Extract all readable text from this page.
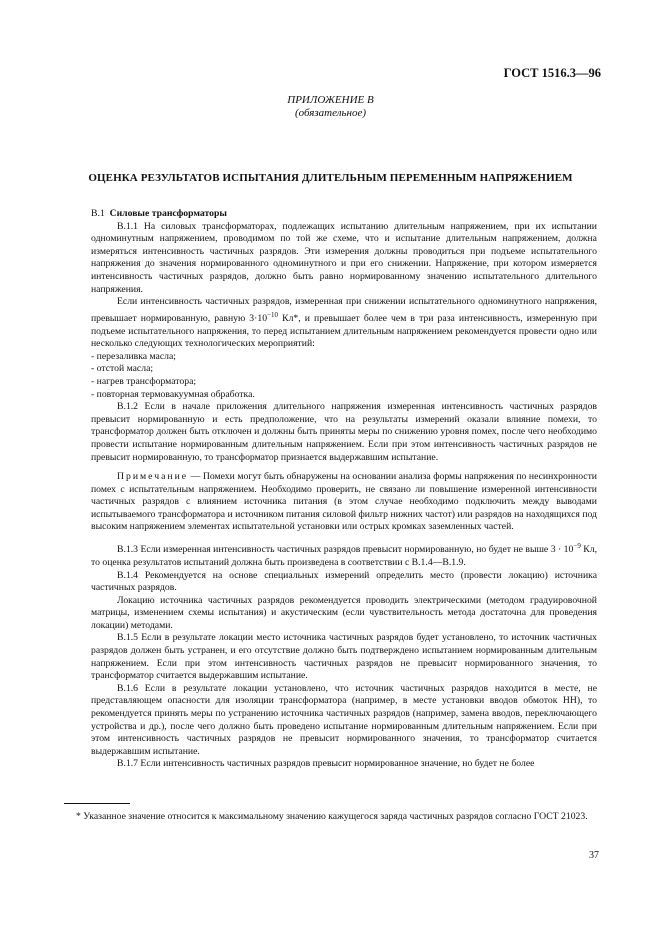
ГОСТ 1516.3—96
ПРИЛОЖЕНИЕ В
(обязательное)
ОЦЕНКА РЕЗУЛЬТАТОВ ИСПЫТАНИЯ ДЛИТЕЛЬНЫМ ПЕРЕМЕННЫМ НАПРЯЖЕНИЕМ

В.1 Силовые трансформаторы

В.1.1 На силовых трансформаторах, подлежащих испытанию длительным напряжением, при их испытании одноминутным напряжением, проводимом по той же схеме, что и испытание длительным напряжением, должна измеряться интенсивность частичных разрядов. Эти измерения должны проводиться при подъеме испытательного напряжения до значения нормированного одноминутного и при его снижении. Напряжение, при котором измеряется интенсивность частичных разрядов, должно быть равно нормированному значению испытательного длительного напряжения.

Если интенсивность частичных разрядов, измеренная при снижении испытательного одноминутного напряжения, превышает нормированную, равную $3\cdot 10^{-10}$ Кл*, и превышает более чем в три раза интенсивность, измеренную при подъеме испытательного напряжения, то перед испытанием длительным напряжением рекомендуется провести одно или несколько следующих технологических мероприятий:

- перезаливка масла;

- отстой масла;

- нагрев трансформатора;

- повторная термовакуумная обработка.

В.1.2 Если в начале приложения длительного напряжения измеренная интенсивность частичных разрядов превысит нормированную и есть предположение, что на результаты измерений оказали влияние помехи, то трансформатор должен быть отключен и должны быть приняты меры по снижению уровня помех, после чего необходимо провести испытание нормированным длительным напряжением. Если при этом интенсивность частичных разрядов не превысит нормированную, то трансформатор признается выдержавшим испытание.

Примечание — Помехи могут быть обнаружены на основании анализа формы напряжения по несинхронности помех с испытательным напряжением. Необходимо проверить, не связано ли повышение измеренной интенсивности частичных разрядов с влиянием источника питания (в этом случае необходимо подключить между выводами испытываемого трансформатора и источником питания силовой фильтр нижних частот) или разрядов на находящихся под высоким напряжением элементах испытательной установки или острых кромках заземленных частей.

В.1.3 Если измеренная интенсивность частичных разрядов превысит нормированную, но будет не выше $3 \cdot 10^{-9}$ Кл, то оценка результатов испытаний должна быть произведена в соответствии с В.1.4—В.1.9.

В.1.4 Рекомендуется на основе специальных измерений определить место (провести локацию) источника частичных разрядов.

Локацию источника частичных разрядов рекомендуется проводить электрическими (методом градуировочной матрицы, изменением схемы испытания) и акустическим (если чувствительность метода достаточна для проведения локации) методами.

В.1.5 Если в результате локации место источника частичных разрядов будет установлено, то источник частичных разрядов должен быть устранен, и его отсутствие должно быть подтверждено испытанием нормированным длительным напряжением. Если при этом интенсивность частичных разрядов не превысит нормированного значения, то трансформатор считается выдержавшим испытание.

В.1.6 Если в результате локации установлено, что источник частичных разрядов находится в месте, не представляющем опасности для изоляции трансформатора (например, в месте установки вводов обмоток НН), то рекомендуется принять меры по устранению источника частичных разрядов (например, замена вводов, переключающего устройства и др.), после чего должно быть проведено испытание нормированным длительным напряжением. Если при этом интенсивность частичных разрядов не превысит нормированного значения, то трансформатор считается выдержавшим испытание.

В.1.7 Если интенсивность частичных разрядов превысит нормированное значение, но будет не более

* Указанное значение относится к максимальному значению кажущегося заряда частичных разрядов согласно ГОСТ 21023.

37
